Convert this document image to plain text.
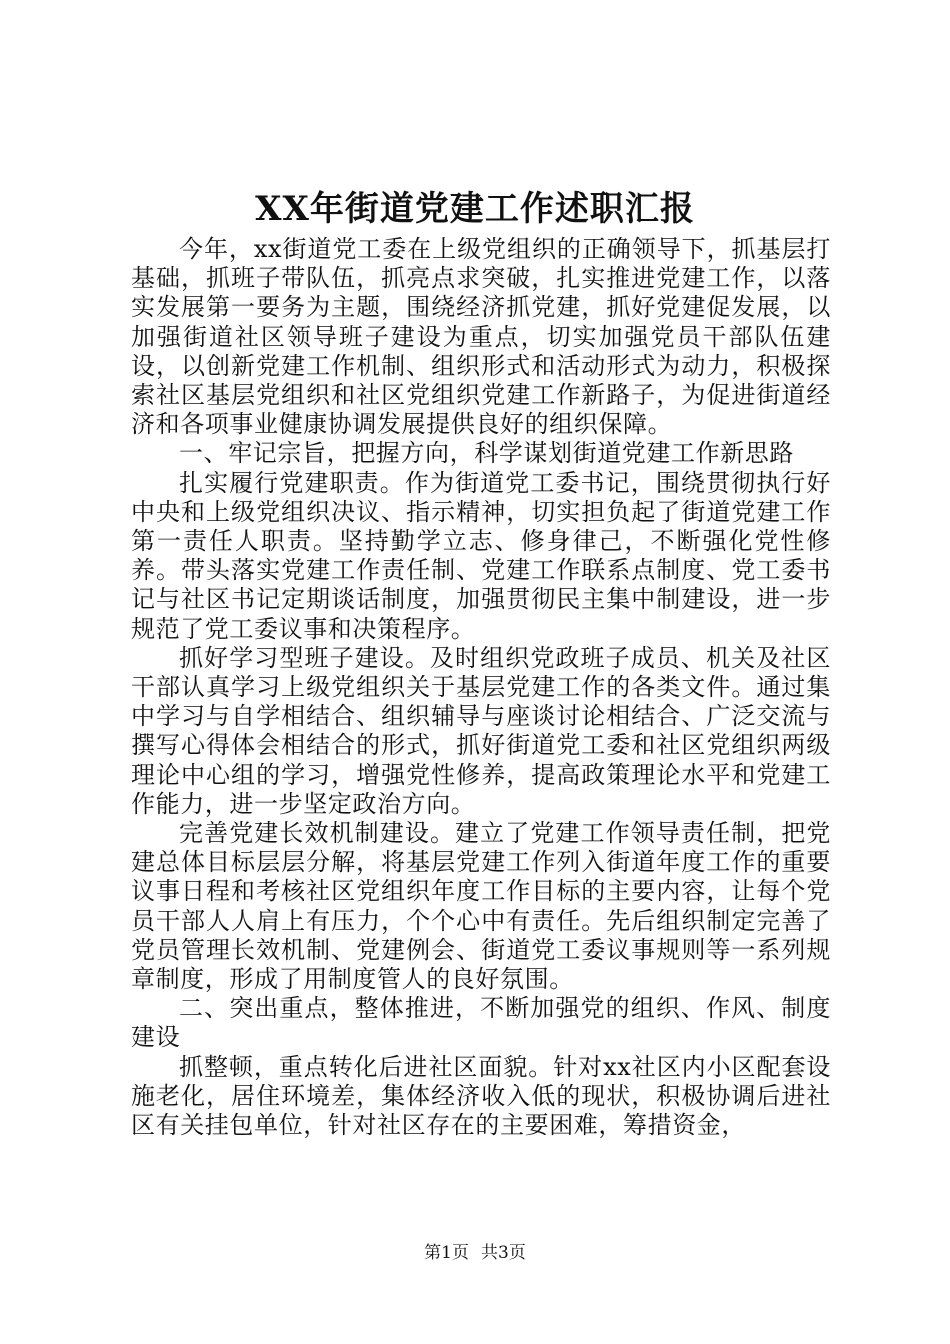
XX年街道党建工作述职汇报

今年，xx街道党工委在上级党组织的正确领导下，抓基层打基础，抓班子带队伍，抓亮点求突破，扎实推进党建工作，以落实发展第一要务为主题，围绕经济抓党建，抓好党建促发展，以加强街道社区领导班子建设为重点，切实加强党员干部队伍建设，以创新党建工作机制、组织形式和活动形式为动力，积极探索社区基层党组织和社区党组织党建工作新路子，为促进街道经济和各项事业健康协调发展提供良好的组织保障。

一、牢记宗旨，把握方向，科学谋划街道党建工作新思路

扎实履行党建职责。作为街道党工委书记，围绕贯彻执行好中央和上级党组织决议、指示精神，切实担负起了街道党建工作第一责任人职责。坚持勤学立志、修身律己，不断强化党性修养。带头落实党建工作责任制、党建工作联系点制度、党工委书记与社区书记定期谈话制度，加强贯彻民主集中制建设，进一步规范了党工委议事和决策程序。

抓好学习型班子建设。及时组织党政班子成员、机关及社区干部认真学习上级党组织关于基层党建工作的各类文件。通过集中学习与自学相结合、组织辅导与座谈讨论相结合、广泛交流与撰写心得体会相结合的形式，抓好街道党工委和社区党组织两级理论中心组的学习，增强党性修养，提高政策理论水平和党建工作能力，进一步坚定政治方向。

完善党建长效机制建设。建立了党建工作领导责任制，把党建总体目标层层分解，将基层党建工作列入街道年度工作的重要议事日程和考核社区党组织年度工作目标的主要内容，让每个党员干部人人肩上有压力，个个心中有责任。先后组织制定完善了党员管理长效机制、党建例会、街道党工委议事规则等一系列规章制度，形成了用制度管人的良好氛围。

二、突出重点，整体推进，不断加强党的组织、作风、制度建设

抓整顿，重点转化后进社区面貌。针对xx社区内小区配套设施老化，居住环境差，集体经济收入低的现状，积极协调后进社区有关挂包单位，针对社区存在的主要困难，筹措资金，

第1页 共3页
